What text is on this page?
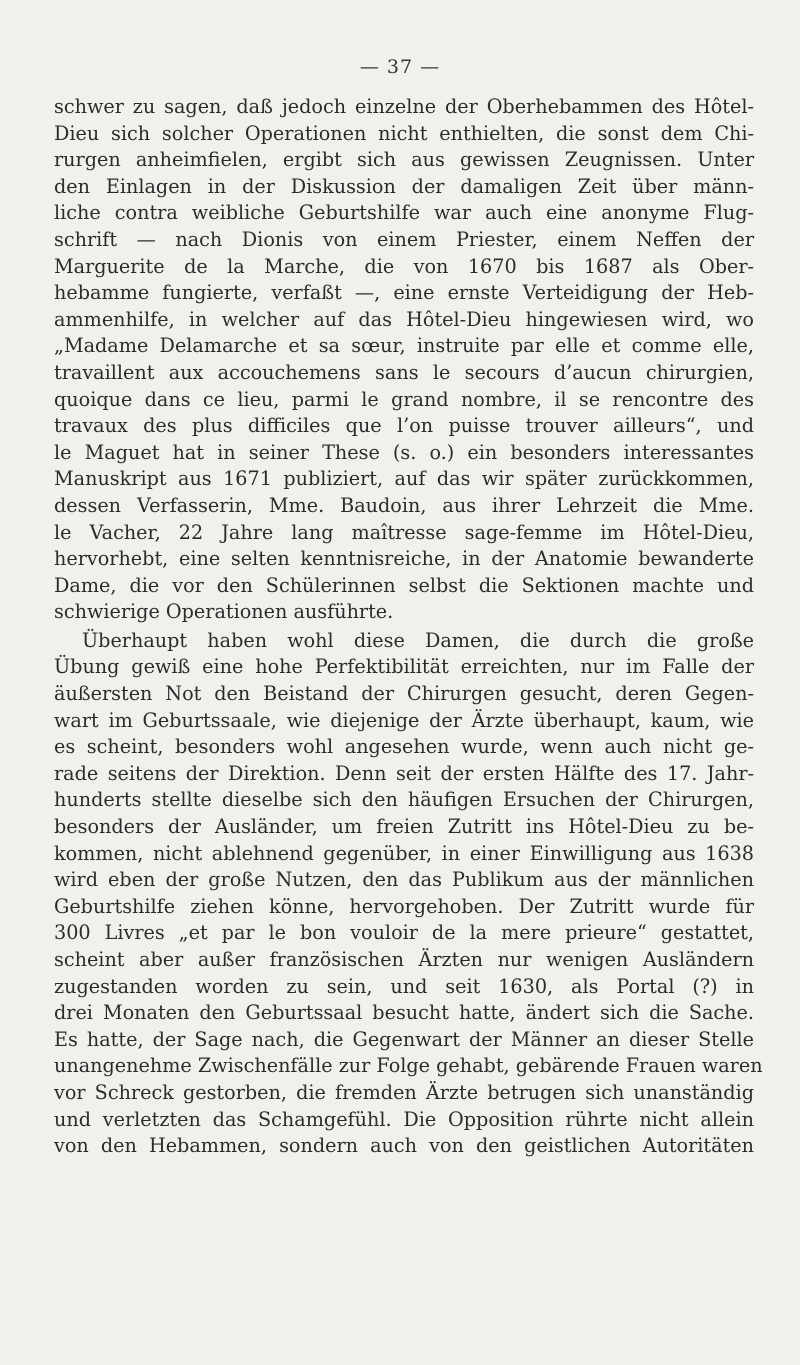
— 37 —
schwer zu sagen, daß jedoch einzelne der Oberhebammen des Hôtel-
Dieu sich solcher Operationen nicht enthielten, die sonst dem Chi-
rurgen anheimfielen, ergibt sich aus gewissen Zeugnissen. Unter
den Einlagen in der Diskussion der damaligen Zeit über männ-
liche contra weibliche Geburtshilfe war auch eine anonyme Flug-
schrift — nach Dionis von einem Priester, einem Neffen der
Marguerite de la Marche, die von 1670 bis 1687 als Ober-
hebamme fungierte, verfaßt —, eine ernste Verteidigung der Heb-
ammenhilfe, in welcher auf das Hôtel-Dieu hingewiesen wird, wo
„Madame Delamarche et sa sœur, instruite par elle et comme elle,
travaillent aux accouchemens sans le secours d’aucun chirurgien,
quoique dans ce lieu, parmi le grand nombre, il se rencontre des
travaux des plus difficiles que l’on puisse trouver ailleurs“, und
le Maguet hat in seiner These (s. o.) ein besonders interessantes
Manuskript aus 1671 publiziert, auf das wir später zurückkommen,
dessen Verfasserin, Mme. Baudoin, aus ihrer Lehrzeit die Mme.
le Vacher, 22 Jahre lang maîtresse sage-femme im Hôtel-Dieu,
hervorhebt, eine selten kenntnisreiche, in der Anatomie bewanderte
Dame, die vor den Schülerinnen selbst die Sektionen machte und
schwierige Operationen ausführte.
Überhaupt haben wohl diese Damen, die durch die große
Übung gewiß eine hohe Perfektibilität erreichten, nur im Falle der
äußersten Not den Beistand der Chirurgen gesucht, deren Gegen-
wart im Geburtssaale, wie diejenige der Ärzte überhaupt, kaum, wie
es scheint, besonders wohl angesehen wurde, wenn auch nicht ge-
rade seitens der Direktion. Denn seit der ersten Hälfte des 17. Jahr-
hunderts stellte dieselbe sich den häufigen Ersuchen der Chirurgen,
besonders der Ausländer, um freien Zutritt ins Hôtel-Dieu zu be-
kommen, nicht ablehnend gegenüber, in einer Einwilligung aus 1638
wird eben der große Nutzen, den das Publikum aus der männlichen
Geburtshilfe ziehen könne, hervorgehoben. Der Zutritt wurde für
300 Livres „et par le bon vouloir de la mere prieure“ gestattet,
scheint aber außer französischen Ärzten nur wenigen Ausländern
zugestanden worden zu sein, und seit 1630, als Portal (?) in
drei Monaten den Geburtssaal besucht hatte, ändert sich die Sache.
Es hatte, der Sage nach, die Gegenwart der Männer an dieser Stelle
unangenehme Zwischenfälle zur Folge gehabt, gebärende Frauen waren
vor Schreck gestorben, die fremden Ärzte betrugen sich unanständig
und verletzten das Schamgefühl. Die Opposition rührte nicht allein
von den Hebammen, sondern auch von den geistlichen Autoritäten
